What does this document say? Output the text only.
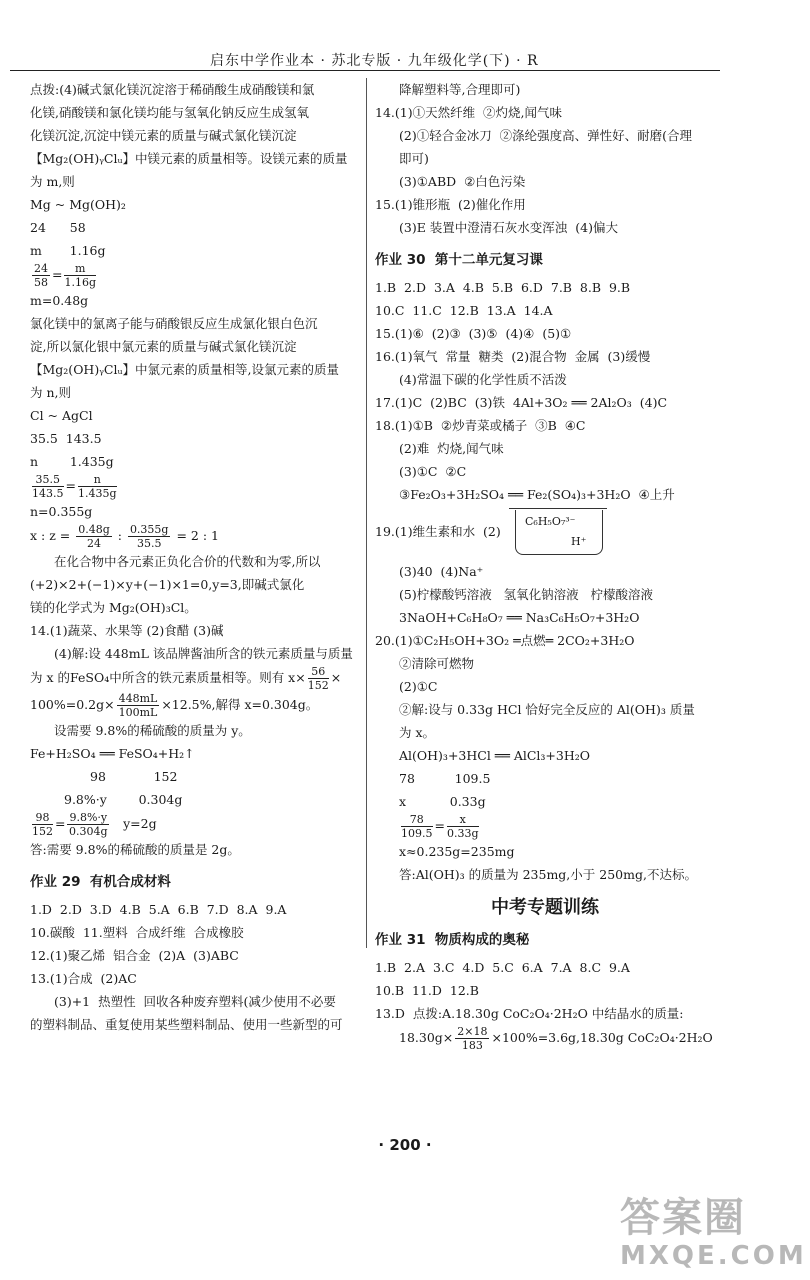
启东中学作业本 · 苏北专版 · 九年级化学(下) · R
点拨:(4)碱式氯化镁沉淀溶于稀硝酸生成硝酸镁和氯
化镁,硝酸镁和氯化镁均能与氢氧化钠反应生成氢氧
化镁沉淀,沉淀中镁元素的质量与碱式氯化镁沉淀
【Mg₂(OH)ᵧClᵤ】中镁元素的质量相等。设镁元素的质量
为 m,则
Mg ~ Mg(OH)₂
24      58
m       1.16g
$\frac{24}{58} = \frac{m}{1.16g}$
m=0.48g
氯化镁中的氯离子能与硝酸银反应生成氯化银白色沉
淀,所以氯化银中氯元素的质量与碱式氯化镁沉淀
【Mg₂(OH)ᵧClᵤ】中氯元素的质量相等,设氯元素的质量
为 n,则
Cl ~ AgCl
35.5  143.5
n        1.435g
$\frac{35.5}{143.5} = \frac{n}{1.435g}$
n=0.355g
x : $z = \frac{0.48g}{24}$ : $\frac{0.355g}{35.5} = 2$ : 1
在化合物中各元素正负化合价的代数和为零,所以
(+2)×2+(−1)×y+(−1)×1=0,y=3,即碱式氯化
镁的化学式为 Mg₂(OH)₃Cl。
14.(1)蔬菜、水果等 (2)食醋 (3)碱
(4)解:设 448mL 该品牌酱油所含的铁元素质量与质量
为 x 的FeSO₄中所含的铁元素质量相等。则有 $x\times \frac{56}{152}$ ×
$100\%=0.2g\times \frac{448mL}{100mL} \times 12.5\%$,解得 x=0.304g。
设需要 9.8%的稀硫酸的质量为 y。
Fe+H₂SO₄ ══ FeSO₄+H₂↑
98            152
9.8%·y        0.304g
$\frac{98}{152} = \frac{9.8\%\cdot y}{0.304g} y=2g$
答:需要 9.8%的稀硫酸的质量是 2g。
作业 29  有机合成材料
1.D  2.D  3.D  4.B  5.A  6.B  7.D  8.A  9.A
10.碳酸  11.塑料  合成纤维  合成橡胶
12.(1)聚乙烯  铝合金  (2)A  (3)ABC
13.(1)合成  (2)AC
(3)+1  热塑性  回收各种废弃塑料(减少使用不必要
的塑料制品、重复使用某些塑料制品、使用一些新型的可
降解塑料等,合理即可)
14.(1)①天然纤维  ②灼烧,闻气味
(2)①轻合金冰刀  ②涤纶强度高、弹性好、耐磨(合理
即可)
(3)①ABD  ②白色污染
15.(1)锥形瓶  (2)催化作用
(3)E 装置中澄清石灰水变浑浊  (4)偏大
作业 30  第十二单元复习课
1.B  2.D  3.A  4.B  5.B  6.D  7.B  8.B  9.B
10.C  11.C  12.B  13.A  14.A
15.(1)⑥  (2)③  (3)⑤  (4)④  (5)①
16.(1)氧气  常量  糖类  (2)混合物  金属  (3)缓慢
(4)常温下碳的化学性质不活泼
17.(1)C  (2)BC  (3)铁  4Al+3O₂ ══ 2Al₂O₃  (4)C
18.(1)①B  ②炒青菜或橘子  ③B  ④C
(2)难  灼烧,闻气味
(3)①C  ②C
③Fe₂O₃+3H₂SO₄ ══ Fe₂(SO₄)₃+3H₂O  ④上升
19.(1)维生素和水  (2)
C₆H₅O₇³⁻
H⁺
(3)40  (4)Na⁺
(5)柠檬酸钙溶液   氢氧化钠溶液   柠檬酸溶液
3NaOH+C₆H₈O₇ ══ Na₃C₆H₅O₇+3H₂O
20.(1)①C₂H₅OH+3O₂ ═点燃═ 2CO₂+3H₂O
②清除可燃物
(2)①C
②解:设与 0.33g HCl 恰好完全反应的 Al(OH)₃ 质量
为 x。
Al(OH)₃+3HCl ══ AlCl₃+3H₂O
78          109.5
x           0.33g
$\frac{78}{109.5} = \frac{x}{0.33g}$
x≈0.235g=235mg
答:Al(OH)₃ 的质量为 235mg,小于 250mg,不达标。
中考专题训练
作业 31  物质构成的奥秘
1.B  2.A  3.C  4.D  5.C  6.A  7.A  8.C  9.A
10.B  11.D  12.B
13.D  点拨:A.18.30g CoC₂O₄·2H₂O 中结晶水的质量:
$18.30g\times \frac{2\times 18}{183} \times 100\%=3.6g,18.30g$ CoC₂O₄·2H₂O
· 200 ·
答案圈
MXQE.COM
